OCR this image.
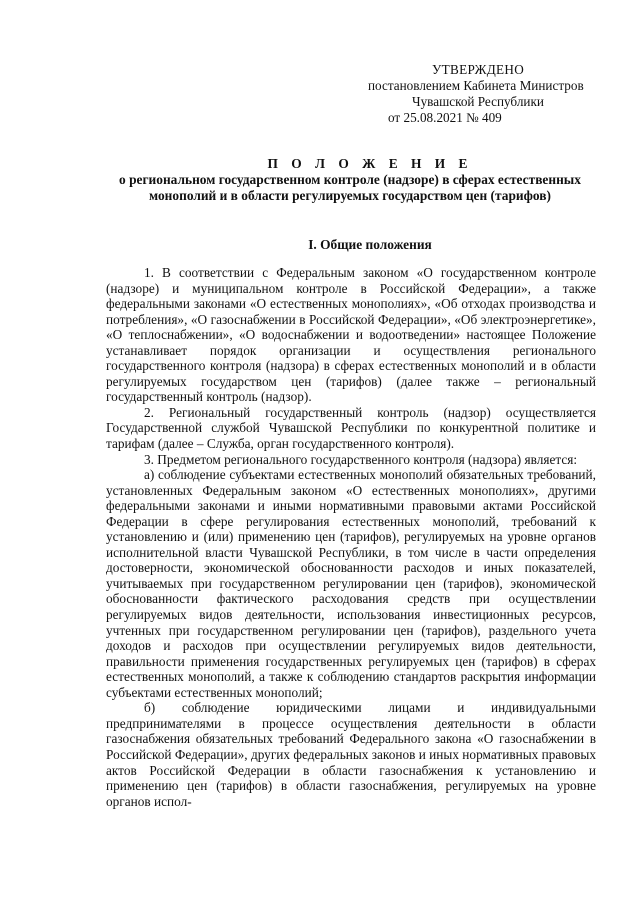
УТВЕРЖДЕНО
постановлением Кабинета Министров
Чувашской Республики
от 25.08.2021 № 409
П О Л О Ж Е Н И Е
о региональном государственном контроле (надзоре) в сферах естественных
монополий и в области регулируемых государством цен (тарифов)
I. Общие положения

1. В соответствии с Федеральным законом «О государственном контроле (надзоре) и муниципальном контроле в Российской Федерации», а также федеральными законами «О естественных монополиях», «Об отходах производства и потребления», «О газоснабжении в Российской Федерации», «Об электроэнергетике», «О теплоснабжении», «О водоснабжении и водоотведении» настоящее Положение устанавливает порядок организации и осуществления регионального государственного контроля (надзора) в сферах естественных монополий и в области регулируемых государством цен (тарифов) (далее также – региональный государственный контроль (надзор).

2. Региональный государственный контроль (надзор) осуществляется Государственной службой Чувашской Республики по конкурентной политике и тарифам (далее – Служба, орган государственного контроля).

3. Предметом регионального государственного контроля (надзора) является:

а) соблюдение субъектами естественных монополий обязательных требований, установленных Федеральным законом «О естественных монополиях», другими федеральными законами и иными нормативными правовыми актами Российской Федерации в сфере регулирования естественных монополий, требований к установлению и (или) применению цен (тарифов), регулируемых на уровне органов исполнительной власти Чувашской Республики, в том числе в части определения достоверности, экономической обоснованности расходов и иных показателей, учитываемых при государственном регулировании цен (тарифов), экономической обоснованности фактического расходования средств при осуществлении регулируемых видов деятельности, использования инвестиционных ресурсов, учтенных при государственном регулировании цен (тарифов), раздельного учета доходов и расходов при осуществлении регулируемых видов деятельности, правильности применения государственных регулируемых цен (тарифов) в сферах естественных монополий, а также к соблюдению стандартов раскрытия информации субъектами естественных монополий;

б) соблюдение юридическими лицами и индивидуальными предпринимателями в процессе осуществления деятельности в области газоснабжения обязательных требований Федерального закона «О газоснабжении в Российской Федерации», других федеральных законов и иных нормативных правовых актов Российской Федерации в области газоснабжения к установлению и применению цен (тарифов) в области газоснабжения, регулируемых на уровне органов испол-
